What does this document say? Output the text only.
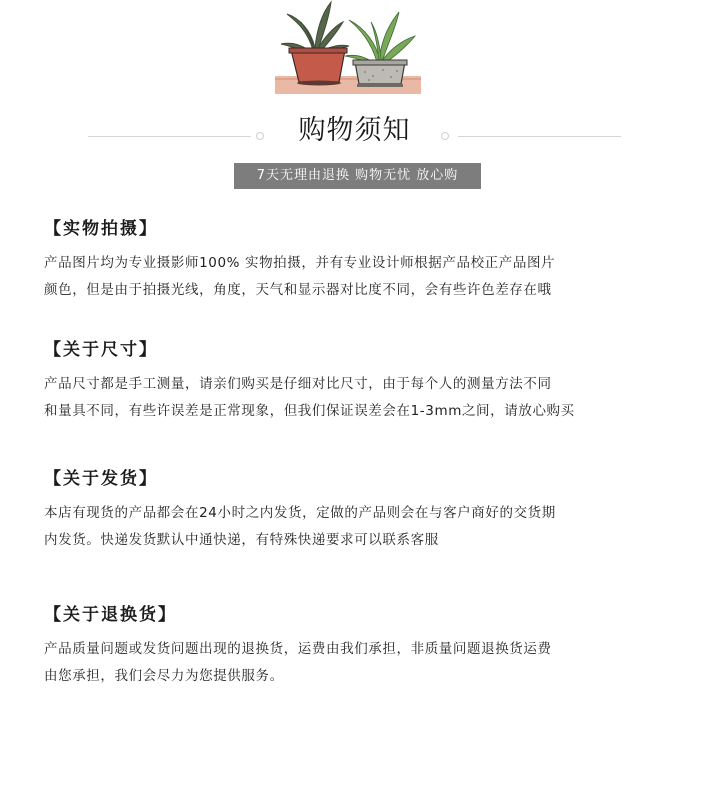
购物须知
7天无理由退换 购物无忧 放心购
【实物拍摄】
产品图片均为专业摄影师100% 实物拍摄，并有专业设计师根据产品校正产品图片
颜色，但是由于拍摄光线，角度，天气和显示器对比度不同，会有些许色差存在哦
【关于尺寸】
产品尺寸都是手工测量，请亲们购买是仔细对比尺寸，由于每个人的测量方法不同
和量具不同，有些许误差是正常现象，但我们保证误差会在1-3mm之间，请放心购买
【关于发货】
本店有现货的产品都会在24小时之内发货，定做的产品则会在与客户商好的交货期
内发货。快递发货默认中通快递，有特殊快递要求可以联系客服
【关于退换货】
产品质量问题或发货问题出现的退换货，运费由我们承担，非质量问题退换货运费
由您承担，我们会尽力为您提供服务。
